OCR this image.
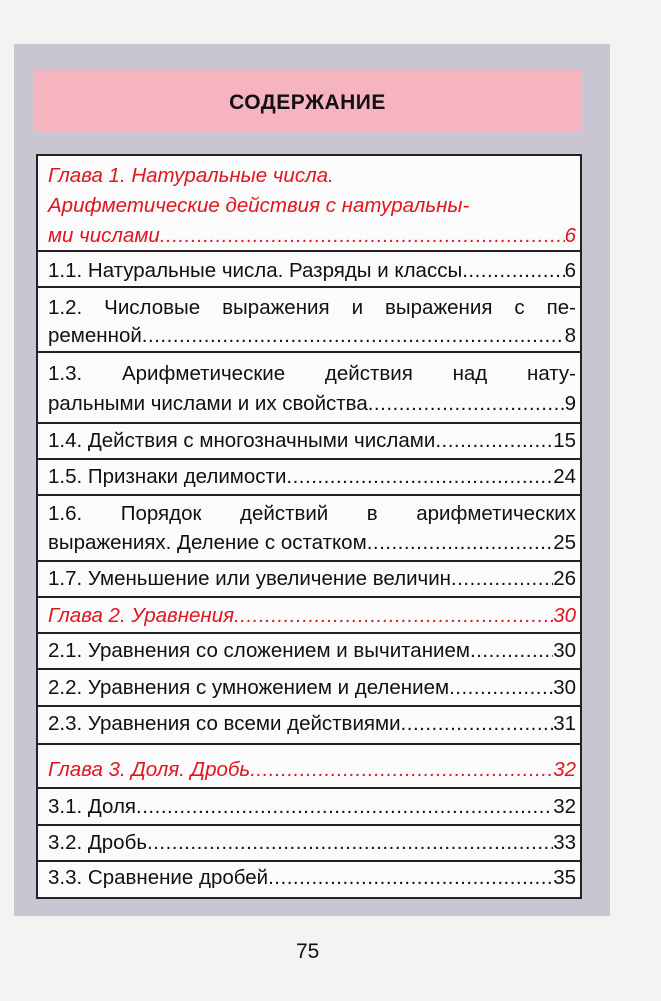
СОДЕРЖАНИЕ
Глава 1. Натуральные числа.
Арифметические действия с натуральны-
ми числами .....	6
1.1. Натуральные числа. Разряды и классы .....	6
1.2. Числовые выражения и выражения с пе-
ременной .....	8
1.3. Арифметические действия над нату-
ральными числами и их свойства .....	9
1.4. Действия с многозначными числами .....	15
1.5. Признаки делимости .....	24
1.6. Порядок действий в арифметических
выражениях. Деление с остатком .....	25
1.7. Уменьшение или увеличение величин .....	26
Глава 2. Уравнения .....	30
2.1. Уравнения со сложением и вычитанием .....	30
2.2. Уравнения с умножением и делением .....	30
2.3. Уравнения со всеми действиями .....	31
Глава 3. Доля. Дробь .....	32
3.1. Доля .....	32
3.2. Дробь .....	33
3.3. Сравнение дробей .....	35
75
